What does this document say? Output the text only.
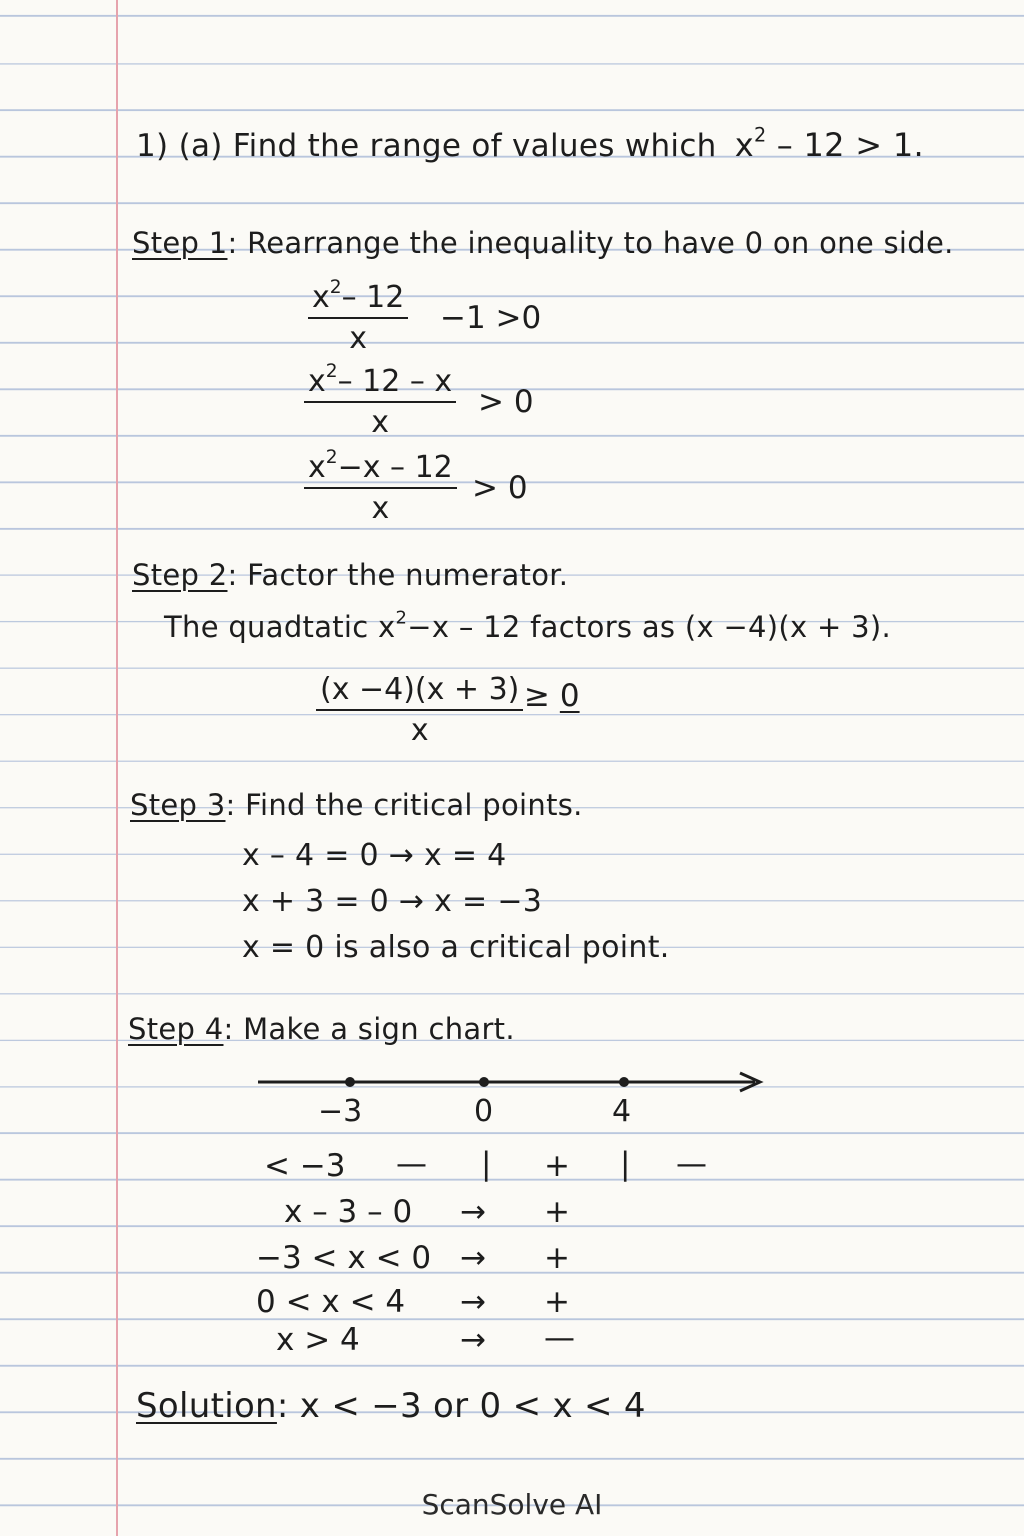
1) (a) Find the range of values which $x^2 - 12 > 1$.
Step 1: Rearrange the inequality to have 0 on one side.
$\frac{x^2- 12}{x} -1 >0$
$\frac{x^2- 12 - x}{x} > 0$
$\frac{x^2-x - 12}{x} > 0$
Step 2: Factor the numerator.
The quadtatic $x^2-x - 12$ factors as (x −4)(x + 3).
$\frac{(x -4)(x + 3)}{x} \ge 0$
Step 3: Find the critical points.
x – 4 = 0 → x = 4
x + 3 = 0 → x = −3
x = 0 is also a critical point.
Step 4: Make a sign chart.
−3	0	4
< −3 — | + | —
x – 3 – 0 → +
−3 < x < 0 → +
0 < x < 4 → +
x > 4	→ —
Solution: x < −3 or 0 < x < 4
ScanSolve AI
